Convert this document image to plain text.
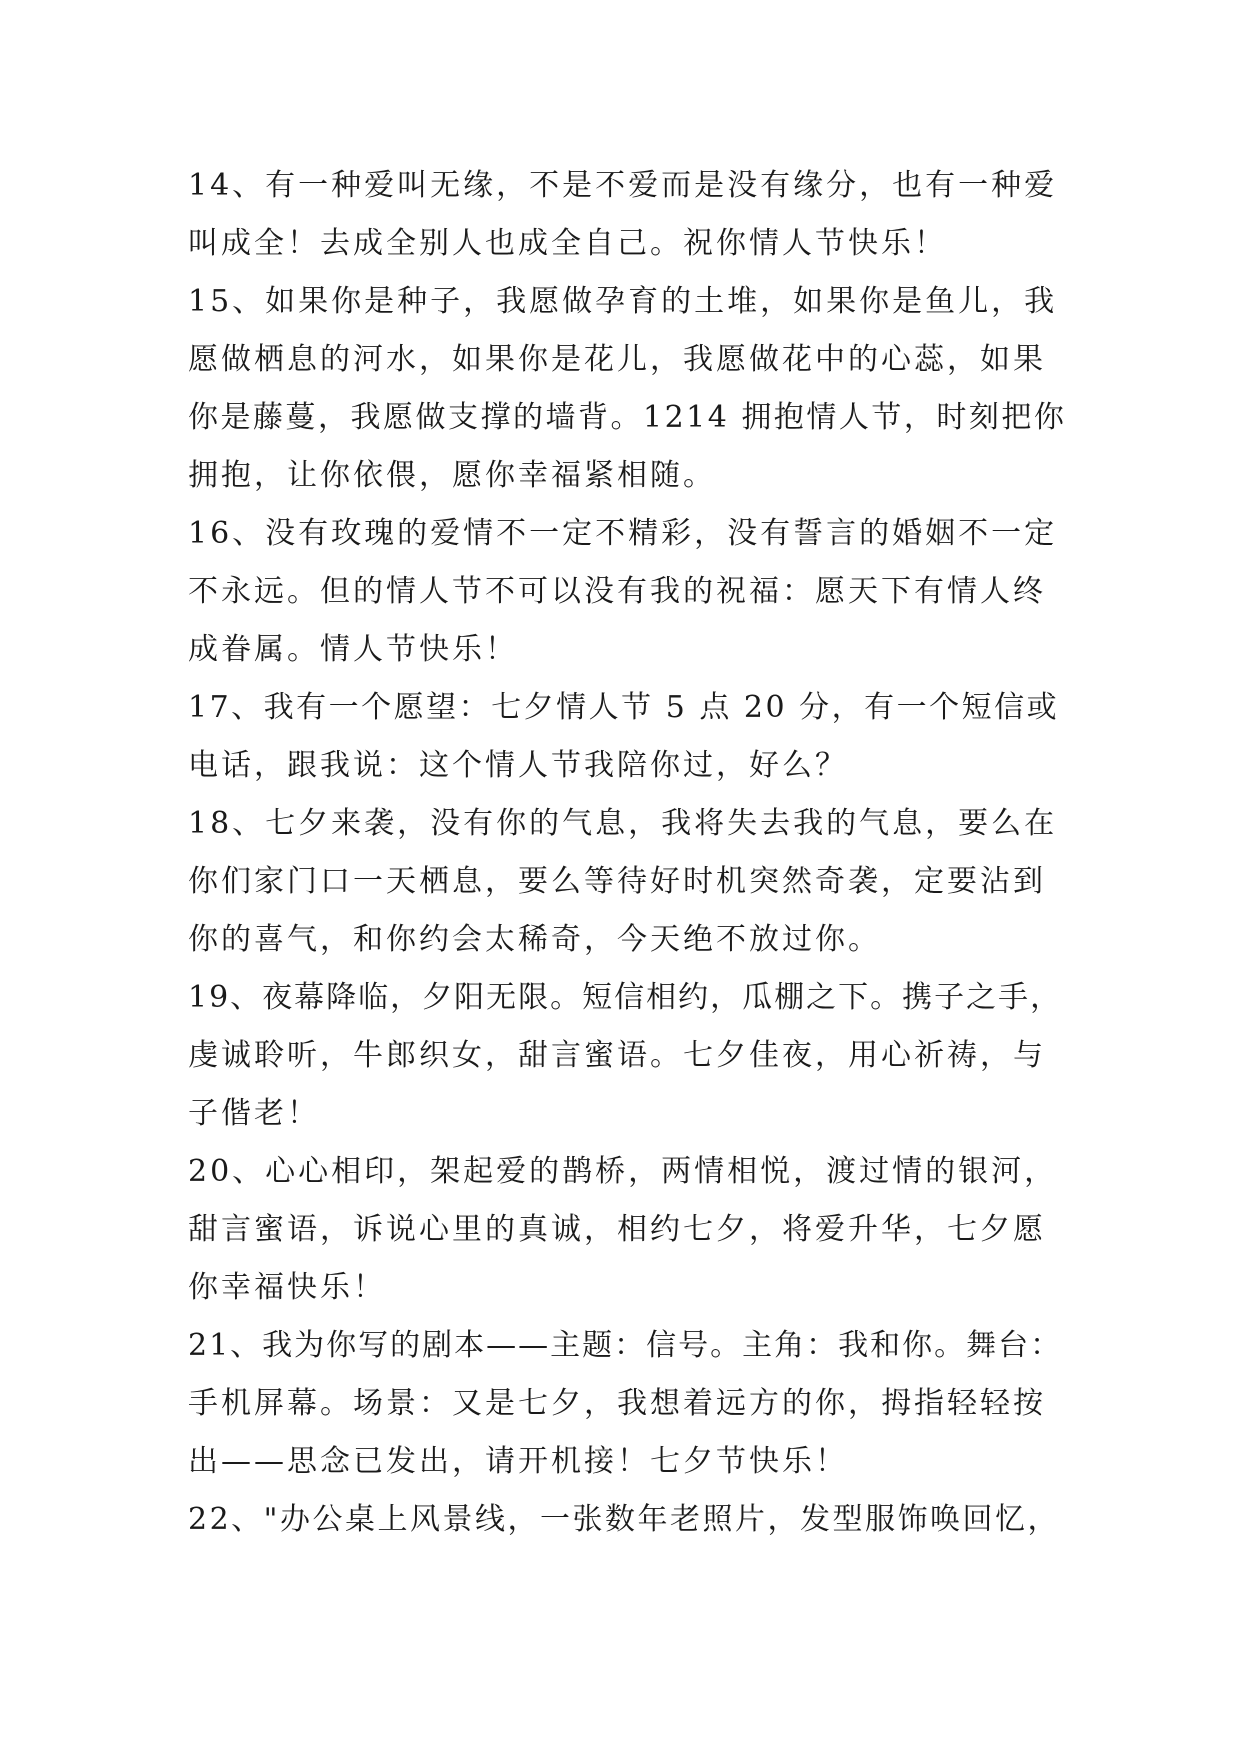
14、有一种爱叫无缘，不是不爱而是没有缘分，也有一种爱
叫成全！去成全别人也成全自己。祝你情人节快乐！
15、如果你是种子，我愿做孕育的土堆，如果你是鱼儿，我
愿做栖息的河水，如果你是花儿，我愿做花中的心蕊，如果
你是藤蔓，我愿做支撑的墙背。1214 拥抱情人节，时刻把你
拥抱，让你依偎，愿你幸福紧相随。
16、没有玫瑰的爱情不一定不精彩，没有誓言的婚姻不一定
不永远。但的情人节不可以没有我的祝福：愿天下有情人终
成眷属。情人节快乐！
17、我有一个愿望：七夕情人节 5 点 20 分，有一个短信或
电话，跟我说：这个情人节我陪你过，好么？
18、七夕来袭，没有你的气息，我将失去我的气息，要么在
你们家门口一天栖息，要么等待好时机突然奇袭，定要沾到
你的喜气，和你约会太稀奇，今天绝不放过你。
19、夜幕降临，夕阳无限。短信相约，瓜棚之下。携子之手，
虔诚聆听，牛郎织女，甜言蜜语。七夕佳夜，用心祈祷，与
子偕老！
20、心心相印，架起爱的鹊桥，两情相悦，渡过情的银河，
甜言蜜语，诉说心里的真诚，相约七夕，将爱升华，七夕愿
你幸福快乐！
21、我为你写的剧本——主题：信号。主角：我和你。舞台：
手机屏幕。场景：又是七夕，我想着远方的你，拇指轻轻按
出——思念已发出，请开机接！七夕节快乐！
22、"办公桌上风景线，一张数年老照片，发型服饰唤回忆，
